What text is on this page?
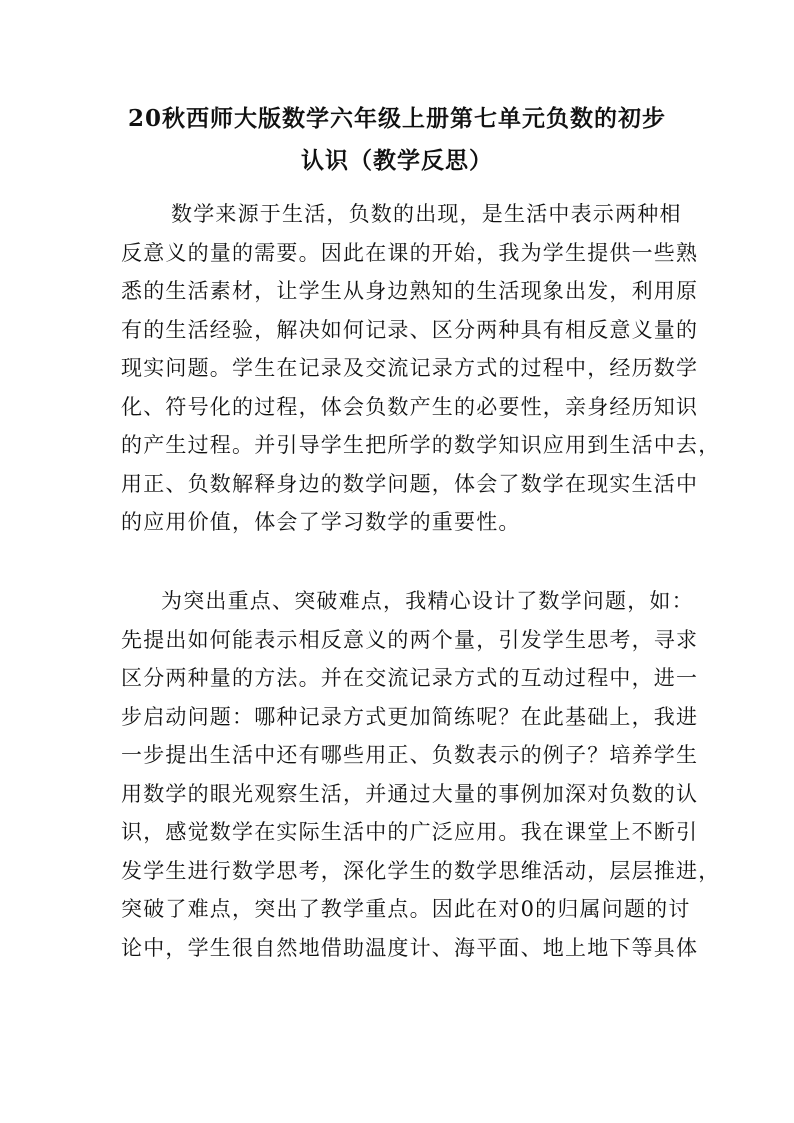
20秋西师大版数学六年级上册第七单元负数的初步
认识（教学反思）
数学来源于生活，负数的出现，是生活中表示两种相
反意义的量的需要。因此在课的开始，我为学生提供一些熟
悉的生活素材，让学生从身边熟知的生活现象出发，利用原
有的生活经验，解决如何记录、区分两种具有相反意义量的
现实问题。学生在记录及交流记录方式的过程中，经历数学
化、符号化的过程，体会负数产生的必要性，亲身经历知识
的产生过程。并引导学生把所学的数学知识应用到生活中去，
用正、负数解释身边的数学问题，体会了数学在现实生活中
的应用价值，体会了学习数学的重要性。
为突出重点、突破难点，我精心设计了数学问题，如：
先提出如何能表示相反意义的两个量，引发学生思考，寻求
区分两种量的方法。并在交流记录方式的互动过程中，进一
步启动问题：哪种记录方式更加简练呢？在此基础上，我进
一步提出生活中还有哪些用正、负数表示的例子？培养学生
用数学的眼光观察生活，并通过大量的事例加深对负数的认
识，感觉数学在实际生活中的广泛应用。我在课堂上不断引
发学生进行数学思考，深化学生的数学思维活动，层层推进，
突破了难点，突出了教学重点。因此在对0的归属问题的讨
论中，学生很自然地借助温度计、海平面、地上地下等具体
